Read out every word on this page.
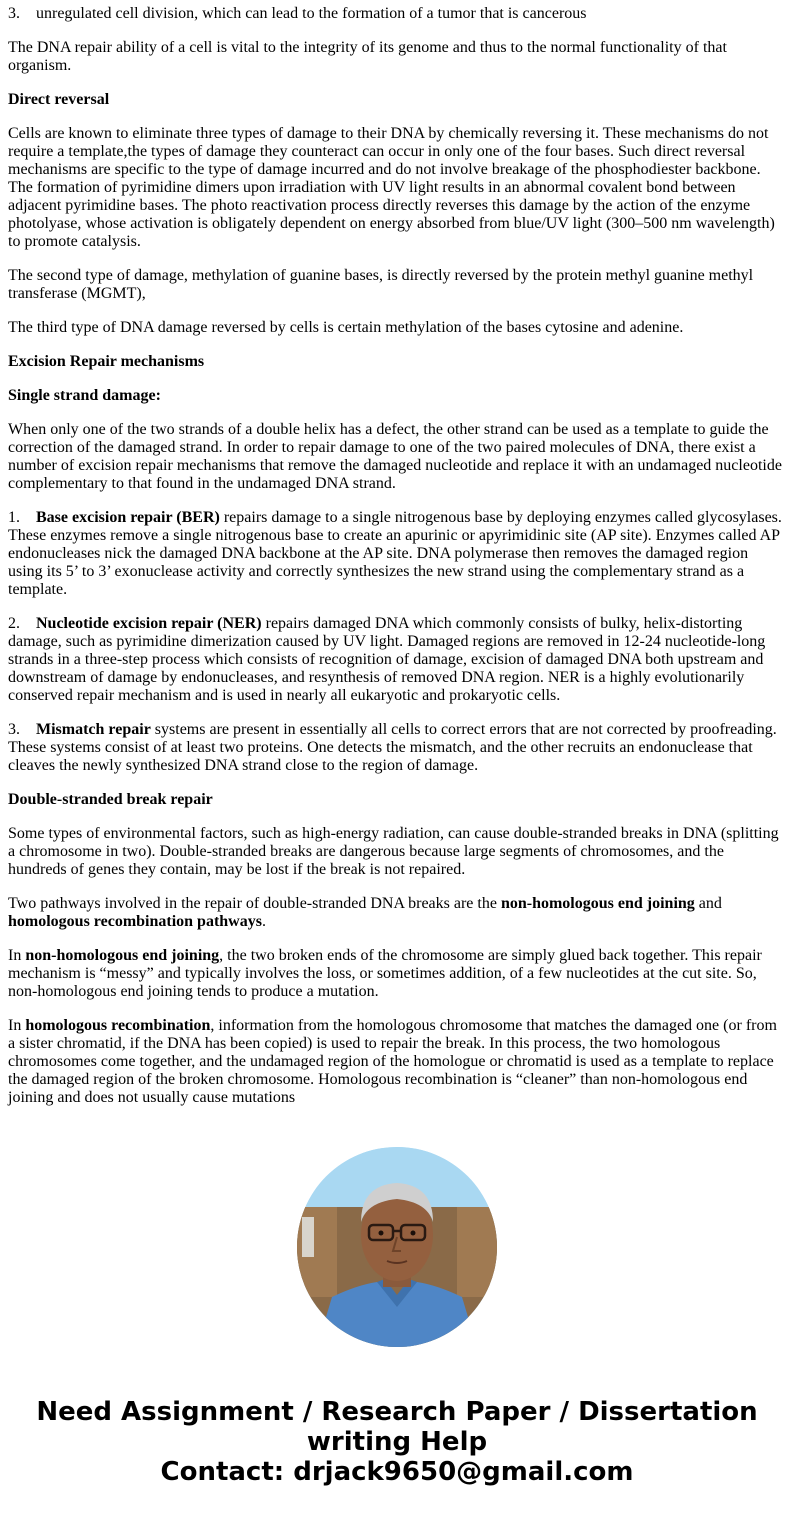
3. unregulated cell division, which can lead to the formation of a tumor that is cancerous

The DNA repair ability of a cell is vital to the integrity of its genome and thus to the normal functionality of that organism.

Direct reversal

Cells are known to eliminate three types of damage to their DNA by chemically reversing it. These mechanisms do not require a template,the types of damage they counteract can occur in only one of the four bases. Such direct reversal mechanisms are specific to the type of damage incurred and do not involve breakage of the phosphodiester backbone. The formation of pyrimidine dimers upon irradiation with UV light results in an abnormal covalent bond between adjacent pyrimidine bases. The photo reactivation process directly reverses this damage by the action of the enzyme photolyase, whose activation is obligately dependent on energy absorbed from blue/UV light (300–500 nm wavelength) to promote catalysis.

The second type of damage, methylation of guanine bases, is directly reversed by the protein methyl guanine methyl transferase (MGMT),

The third type of DNA damage reversed by cells is certain methylation of the bases cytosine and adenine.

Excision Repair mechanisms

Single strand damage:

When only one of the two strands of a double helix has a defect, the other strand can be used as a template to guide the correction of the damaged strand. In order to repair damage to one of the two paired molecules of DNA, there exist a number of excision repair mechanisms that remove the damaged nucleotide and replace it with an undamaged nucleotide complementary to that found in the undamaged DNA strand.

1. Base excision repair (BER) repairs damage to a single nitrogenous base by deploying enzymes called glycosylases. These enzymes remove a single nitrogenous base to create an apurinic or apyrimidinic site (AP site). Enzymes called AP endonucleases nick the damaged DNA backbone at the AP site. DNA polymerase then removes the damaged region using its 5’ to 3’ exonuclease activity and correctly synthesizes the new strand using the complementary strand as a template.

2. Nucleotide excision repair (NER) repairs damaged DNA which commonly consists of bulky, helix-distorting damage, such as pyrimidine dimerization caused by UV light. Damaged regions are removed in 12-24 nucleotide-long strands in a three-step process which consists of recognition of damage, excision of damaged DNA both upstream and downstream of damage by endonucleases, and resynthesis of removed DNA region. NER is a highly evolutionarily conserved repair mechanism and is used in nearly all eukaryotic and prokaryotic cells.

3. Mismatch repair systems are present in essentially all cells to correct errors that are not corrected by proofreading. These systems consist of at least two proteins. One detects the mismatch, and the other recruits an endonuclease that cleaves the newly synthesized DNA strand close to the region of damage.

Double-stranded break repair

Some types of environmental factors, such as high-energy radiation, can cause double-stranded breaks in DNA (splitting a chromosome in two). Double-stranded breaks are dangerous because large segments of chromosomes, and the hundreds of genes they contain, may be lost if the break is not repaired.

Two pathways involved in the repair of double-stranded DNA breaks are the non-homologous end joining and homologous recombination pathways.

In non-homologous end joining, the two broken ends of the chromosome are simply glued back together. This repair mechanism is “messy” and typically involves the loss, or sometimes addition, of a few nucleotides at the cut site. So, non-homologous end joining tends to produce a mutation.

In homologous recombination, information from the homologous chromosome that matches the damaged one (or from a sister chromatid, if the DNA has been copied) is used to repair the break. In this process, the two homologous chromosomes come together, and the undamaged region of the homologue or chromatid is used as a template to replace the damaged region of the broken chromosome. Homologous recombination is “cleaner” than non-homologous end joining and does not usually cause mutations

Need Assignment / Research Paper / Dissertation writing Help
Contact: drjack9650@gmail.com
